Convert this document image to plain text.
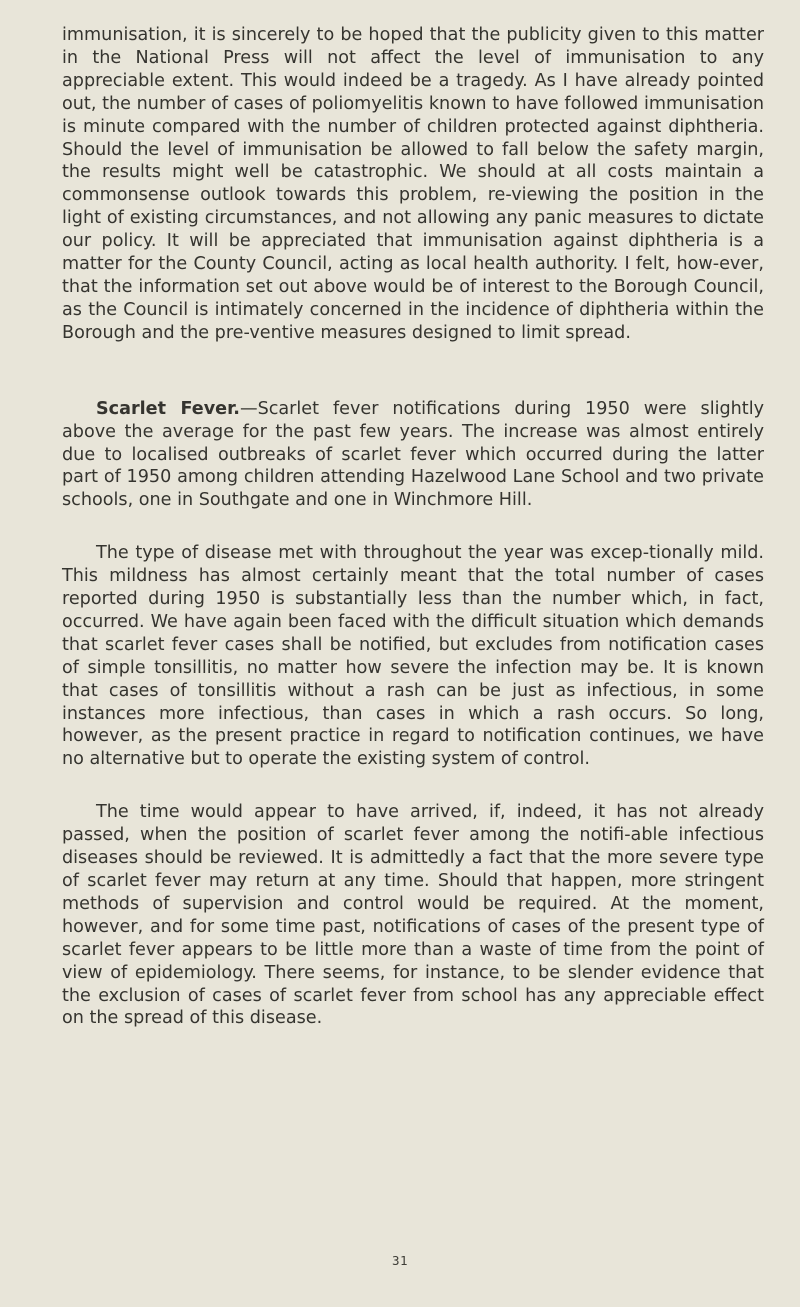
immunisation, it is sincerely to be hoped that the publicity given to this matter in the National Press will not affect the level of immunisation to any appreciable extent. This would indeed be a tragedy. As I have already pointed out, the number of cases of poliomyelitis known to have followed immunisation is minute compared with the number of children protected against diphtheria. Should the level of immunisation be allowed to fall below the safety margin, the results might well be catastrophic. We should at all costs maintain a commonsense outlook towards this problem, re-viewing the position in the light of existing circumstances, and not allowing any panic measures to dictate our policy. It will be appreciated that immunisation against diphtheria is a matter for the County Council, acting as local health authority. I felt, how-ever, that the information set out above would be of interest to the Borough Council, as the Council is intimately concerned in the incidence of diphtheria within the Borough and the pre-ventive measures designed to limit spread.

Scarlet Fever.—Scarlet fever notifications during 1950 were slightly above the average for the past few years. The increase was almost entirely due to localised outbreaks of scarlet fever which occurred during the latter part of 1950 among children attending Hazelwood Lane School and two private schools, one in Southgate and one in Winchmore Hill.

The type of disease met with throughout the year was excep-tionally mild. This mildness has almost certainly meant that the total number of cases reported during 1950 is substantially less than the number which, in fact, occurred. We have again been faced with the difficult situation which demands that scarlet fever cases shall be notified, but excludes from notification cases of simple tonsillitis, no matter how severe the infection may be. It is known that cases of tonsillitis without a rash can be just as infectious, in some instances more infectious, than cases in which a rash occurs. So long, however, as the present practice in regard to notification continues, we have no alternative but to operate the existing system of control.

The time would appear to have arrived, if, indeed, it has not already passed, when the position of scarlet fever among the notifi-able infectious diseases should be reviewed. It is admittedly a fact that the more severe type of scarlet fever may return at any time. Should that happen, more stringent methods of supervision and control would be required. At the moment, however, and for some time past, notifications of cases of the present type of scarlet fever appears to be little more than a waste of time from the point of view of epidemiology. There seems, for instance, to be slender evidence that the exclusion of cases of scarlet fever from school has any appreciable effect on the spread of this disease.

31
